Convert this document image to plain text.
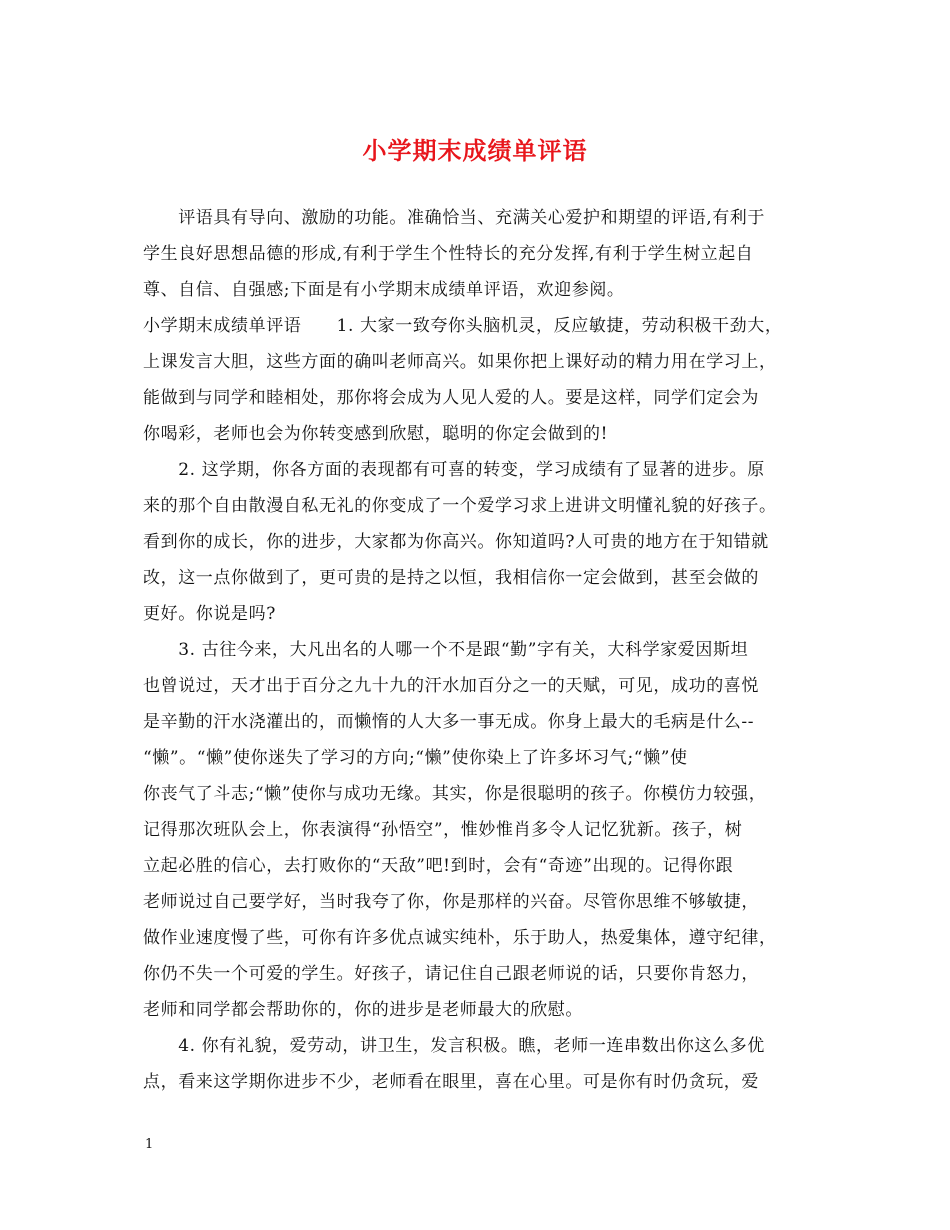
小学期末成绩单评语
　　评语具有导向、激励的功能。准确恰当、充满关心爱护和期望的评语,有利于
学生良好思想品德的形成,有利于学生个性特长的充分发挥,有利于学生树立起自
尊、自信、自强感;下面是有小学期末成绩单评语，欢迎参阅。
小学期末成绩单评语　　1. 大家一致夸你头脑机灵，反应敏捷，劳动积极干劲大，
上课发言大胆，这些方面的确叫老师高兴。如果你把上课好动的精力用在学习上，
能做到与同学和睦相处，那你将会成为人见人爱的人。要是这样，同学们定会为
你喝彩，老师也会为你转变感到欣慰，聪明的你定会做到的!
　　2. 这学期，你各方面的表现都有可喜的转变，学习成绩有了显著的进步。原
来的那个自由散漫自私无礼的你变成了一个爱学习求上进讲文明懂礼貌的好孩子。
看到你的成长，你的进步，大家都为你高兴。你知道吗?人可贵的地方在于知错就
改，这一点你做到了，更可贵的是持之以恒，我相信你一定会做到，甚至会做的
更好。你说是吗?
　　3. 古往今来，大凡出名的人哪一个不是跟“勤”字有关，大科学家爱因斯坦
也曾说过，天才出于百分之九十九的汗水加百分之一的天赋，可见，成功的喜悦
是辛勤的汗水浇灌出的，而懒惰的人大多一事无成。你身上最大的毛病是什么--
“懒”。“懒”使你迷失了学习的方向;“懒”使你染上了许多坏习气;“懒”使
你丧气了斗志;“懒”使你与成功无缘。其实，你是很聪明的孩子。你模仿力较强，
记得那次班队会上，你表演得“孙悟空”，惟妙惟肖多令人记忆犹新。孩子，树
立起必胜的信心，去打败你的“天敌”吧!到时，会有“奇迹”出现的。记得你跟
老师说过自己要学好，当时我夸了你，你是那样的兴奋。尽管你思维不够敏捷，
做作业速度慢了些，可你有许多优点诚实纯朴，乐于助人，热爱集体，遵守纪律，
你仍不失一个可爱的学生。好孩子，请记住自己跟老师说的话，只要你肯怒力，
老师和同学都会帮助你的，你的进步是老师最大的欣慰。
　　4. 你有礼貌，爱劳动，讲卫生，发言积极。瞧，老师一连串数出你这么多优
点，看来这学期你进步不少，老师看在眼里，喜在心里。可是你有时仍贪玩，爱
1
